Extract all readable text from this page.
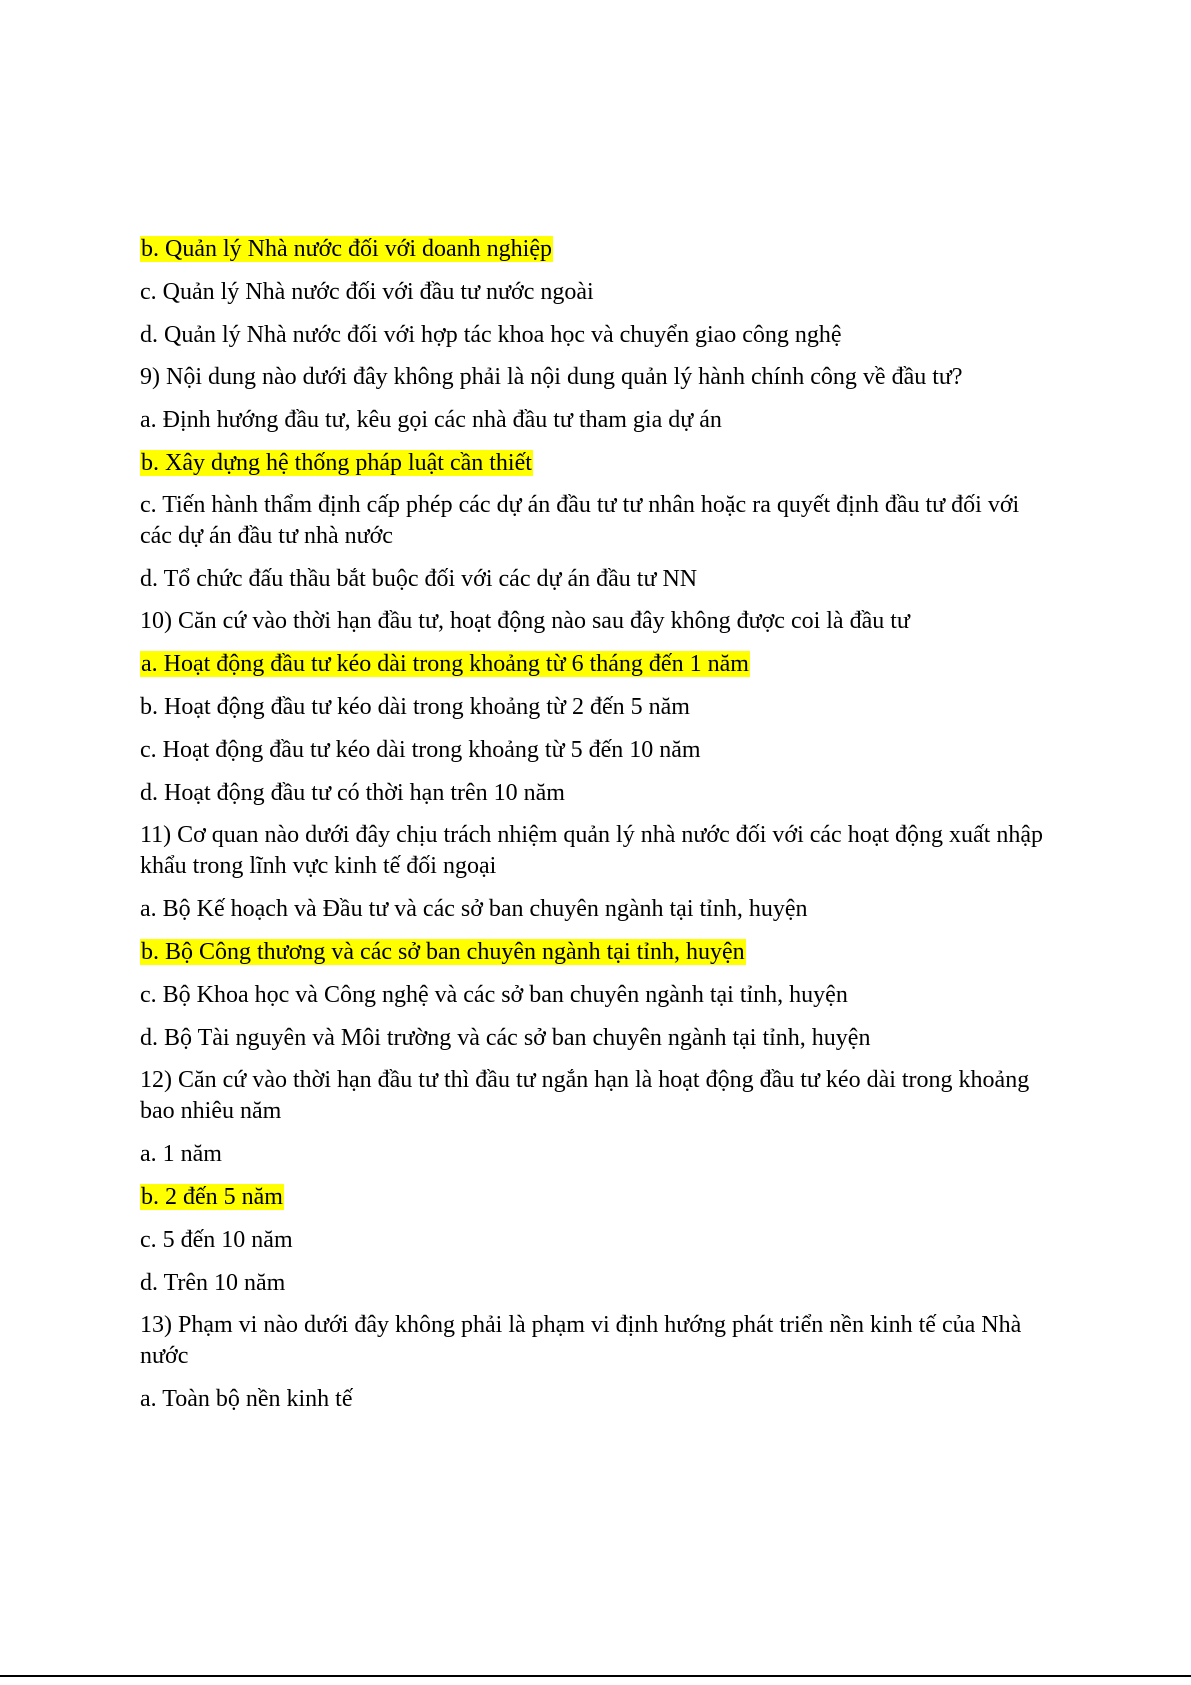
b. Quản lý Nhà nước đối với doanh nghiệp

c. Quản lý Nhà nước đối với đầu tư nước ngoài

d. Quản lý Nhà nước đối với hợp tác khoa học và chuyển giao công nghệ

9) Nội dung nào dưới đây không phải là nội dung quản lý hành chính công về đầu tư?

a. Định hướng đầu tư, kêu gọi các nhà đầu tư tham gia dự án

b. Xây dựng hệ thống pháp luật cần thiết

c. Tiến hành thẩm định cấp phép các dự án đầu tư tư nhân hoặc ra quyết định đầu tư đối với các dự án đầu tư nhà nước

d. Tổ chức đấu thầu bắt buộc đối với các dự án đầu tư NN

10) Căn cứ vào thời hạn đầu tư, hoạt động nào sau đây không được coi là đầu tư

a. Hoạt động đầu tư kéo dài trong khoảng từ 6 tháng đến 1 năm

b. Hoạt động đầu tư kéo dài trong khoảng từ 2 đến 5 năm

c. Hoạt động đầu tư kéo dài trong khoảng từ 5 đến 10 năm

d. Hoạt động đầu tư có thời hạn trên 10 năm

11) Cơ quan nào dưới đây chịu trách nhiệm quản lý nhà nước đối với các hoạt động xuất nhập khẩu trong lĩnh vực kinh tế đối ngoại

a. Bộ Kế hoạch và Đầu tư và các sở ban chuyên ngành tại tỉnh, huyện

b. Bộ Công thương và các sở ban chuyên ngành tại tỉnh, huyện

c. Bộ Khoa học và Công nghệ và các sở ban chuyên ngành tại tỉnh, huyện

d. Bộ Tài nguyên và Môi trường và các sở ban chuyên ngành tại tỉnh, huyện

12) Căn cứ vào thời hạn đầu tư thì đầu tư ngắn hạn là hoạt động đầu tư kéo dài trong khoảng bao nhiêu năm

a. 1 năm

b. 2 đến 5 năm

c. 5 đến 10 năm

d. Trên 10 năm

13) Phạm vi nào dưới đây không phải là phạm vi định hướng phát triển nền kinh tế của Nhà nước

a. Toàn bộ nền kinh tế
